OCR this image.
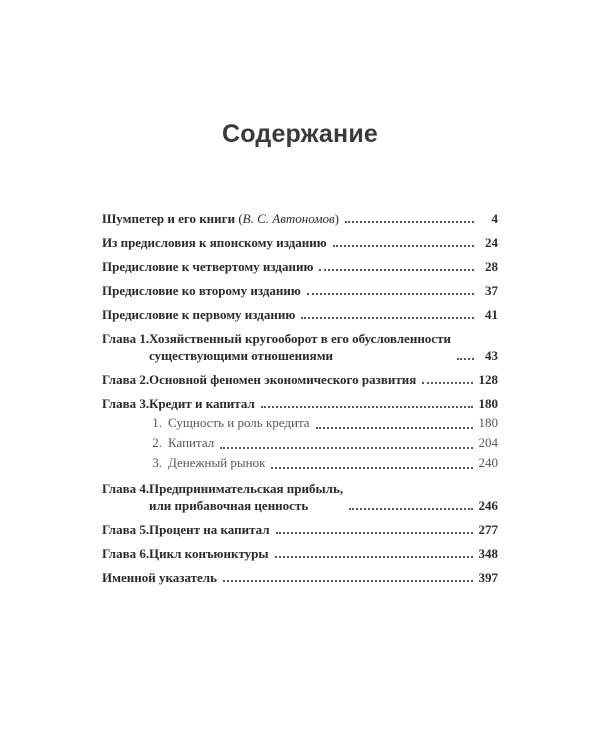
Содержание
Шумпетер и его книги (В. С. Автономов)	4
Из предисловия к японскому изданию	24
Предисловие к четвертому изданию	28
Предисловие ко второму изданию	37
Предисловие к первому изданию	41
Глава 1. Хозяйственный кругооборот в его обусловленности
существующими отношениями	43
Глава 2. Основной феномен экономического развития	128
Глава 3. Кредит и капитал	180
1. Сущность и роль кредита	180
2. Капитал	204
3. Денежный рынок	240
Глава 4. Предпринимательская прибыль,
или прибавочная ценность	246
Глава 5. Процент на капитал	277
Глава 6. Цикл конъюнктуры	348
Именной указатель	397
